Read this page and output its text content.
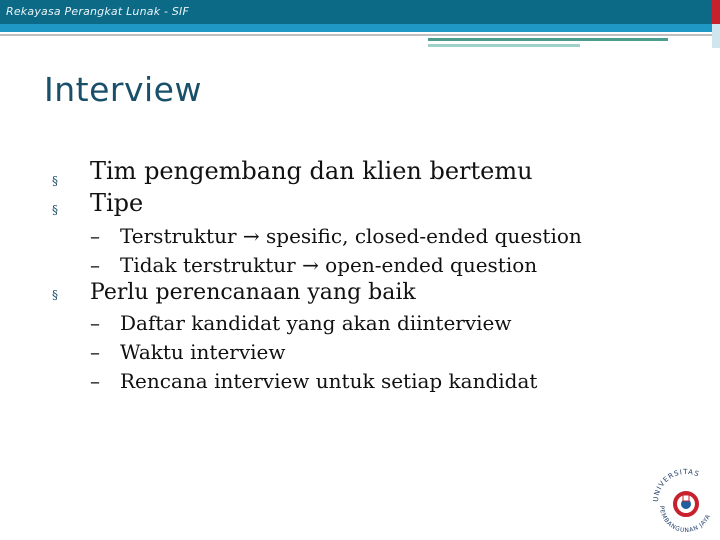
Rekayasa Perangkat Lunak - SIF
Interview
§ Tim pengembang dan klien bertemu
§ Tipe
– Terstruktur → spesific, closed-ended question
– Tidak terstruktur → open-ended question
§ Perlu perencanaan yang baik
– Daftar kandidat yang akan diinterview
– Waktu interview
– Rencana interview untuk setiap kandidat
UNIVERSITAS
PEMBANGUNAN JAYA
